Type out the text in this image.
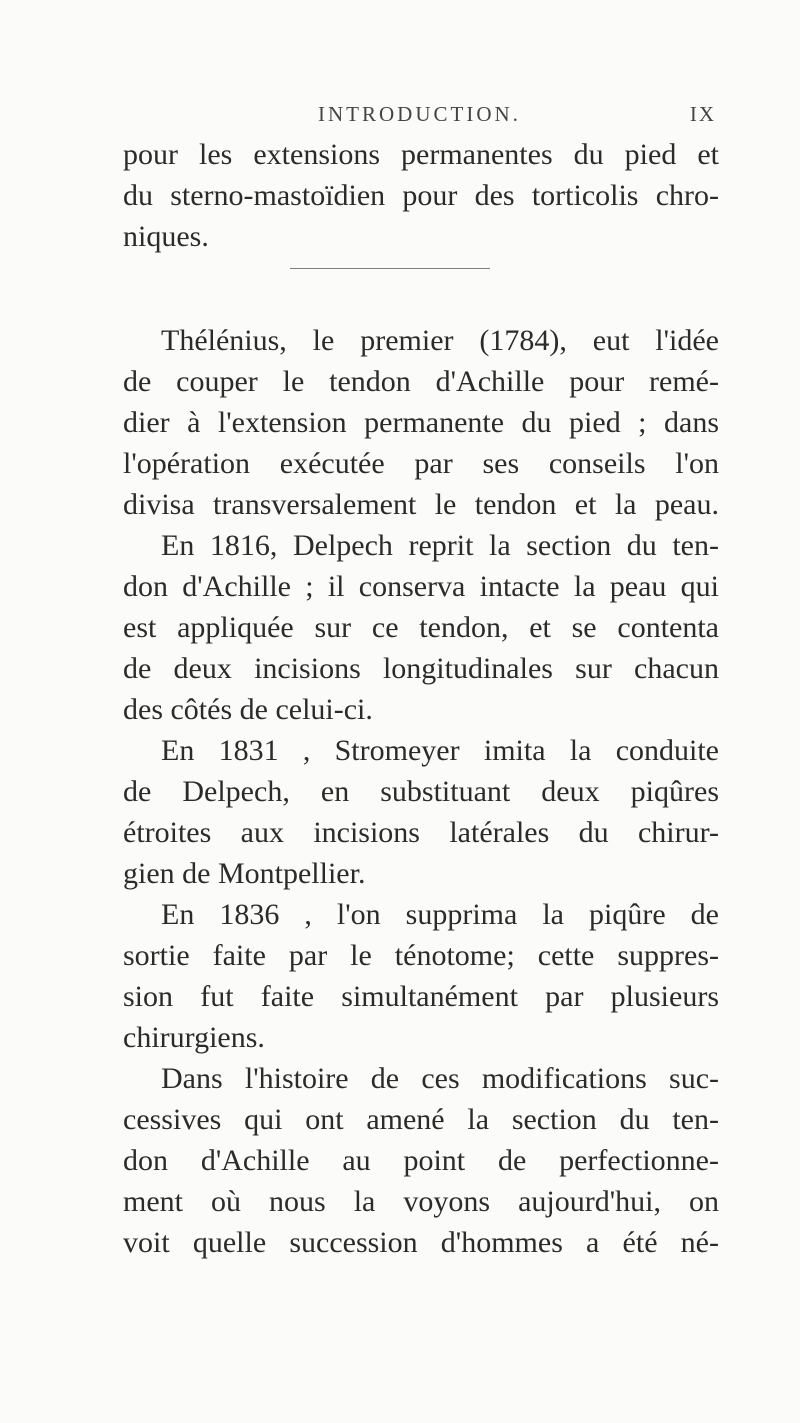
INTRODUCTION.	IX
pour les extensions permanentes du pied et
du sterno-mastoïdien pour des torticolis chro-
niques.
Thélénius, le premier (1784), eut l'idée
de couper le tendon d'Achille pour remé-
dier à l'extension permanente du pied ; dans
l'opération exécutée par ses conseils l'on
divisa transversalement le tendon et la peau.
En 1816, Delpech reprit la section du ten-
don d'Achille ; il conserva intacte la peau qui
est appliquée sur ce tendon, et se contenta
de deux incisions longitudinales sur chacun
des côtés de celui-ci.
En 1831 , Stromeyer imita la conduite
de Delpech, en substituant deux piqûres
étroites aux incisions latérales du chirur-
gien de Montpellier.
En 1836 , l'on supprima la piqûre de
sortie faite par le ténotome; cette suppres-
sion fut faite simultanément par plusieurs
chirurgiens.
Dans l'histoire de ces modifications suc-
cessives qui ont amené la section du ten-
don d'Achille au point de perfectionne-
ment où nous la voyons aujourd'hui, on
voit quelle succession d'hommes a été né-
